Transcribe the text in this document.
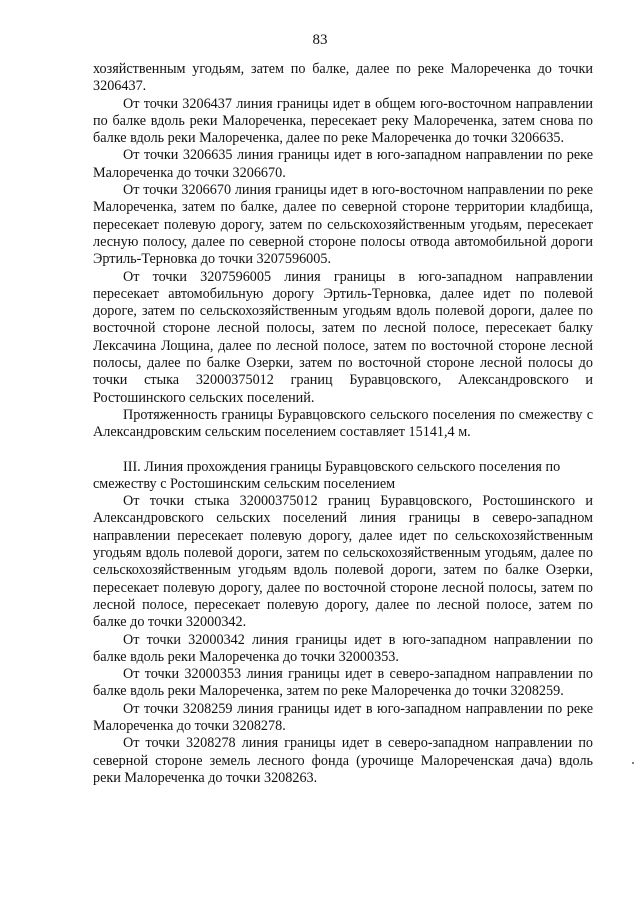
83

хозяйственным угодьям, затем по балке, далее по реке Малореченка до точки 3206437.

От точки 3206437 линия границы идет в общем юго-восточном направлении по балке вдоль реки Малореченка, пересекает реку Малореченка, затем снова по балке вдоль реки Малореченка, далее по реке Малореченка до точки 3206635.

От точки 3206635 линия границы идет в юго-западном направлении по реке Малореченка до точки 3206670.

От точки 3206670 линия границы идет в юго-восточном направлении по реке Малореченка, затем по балке, далее по северной стороне территории кладбища, пересекает полевую дорогу, затем по сельскохозяйственным угодьям, пересекает лесную полосу, далее по северной стороне полосы отвода автомобильной дороги Эртиль-Терновка до точки 3207596005.

От точки 3207596005 линия границы в юго-западном направлении пересекает автомобильную дорогу Эртиль-Терновка, далее идет по полевой дороге, затем по сельскохозяйственным угодьям вдоль полевой дороги, далее по восточной стороне лесной полосы, затем по лесной полосе, пересекает балку Лексачина Лощина, далее по лесной полосе, затем по восточной стороне лесной полосы, далее по балке Озерки, затем по восточной стороне лесной полосы до точки стыка 32000375012 границ Буравцовского, Александровского и Ростошинского сельских поселений.

Протяженность границы Буравцовского сельского поселения по смежеству с Александровским сельским поселением составляет 15141,4 м.

III. Линия прохождения границы Буравцовского сельского поселения по смежеству с Ростошинским сельским поселением

От точки стыка 32000375012 границ Буравцовского, Ростошинского и Александровского сельских поселений линия границы в северо-западном направлении пересекает полевую дорогу, далее идет по сельскохозяйственным угодьям вдоль полевой дороги, затем по сельскохозяйственным угодьям, далее по сельскохозяйственным угодьям вдоль полевой дороги, затем по балке Озерки, пересекает полевую дорогу, далее по восточной стороне лесной полосы, затем по лесной полосе, пересекает полевую дорогу, далее по лесной полосе, затем по балке до точки 32000342.

От точки 32000342 линия границы идет в юго-западном направлении по балке вдоль реки Малореченка до точки 32000353.

От точки 32000353 линия границы идет в северо-западном направлении по балке вдоль реки Малореченка, затем по реке Малореченка до точки 3208259.

От точки 3208259 линия границы идет в юго-западном направлении по реке Малореченка до точки 3208278.

От точки 3208278 линия границы идет в северо-западном направлении по северной стороне земель лесного фонда (урочище Малореченская дача) вдоль реки Малореченка до точки 3208263.
